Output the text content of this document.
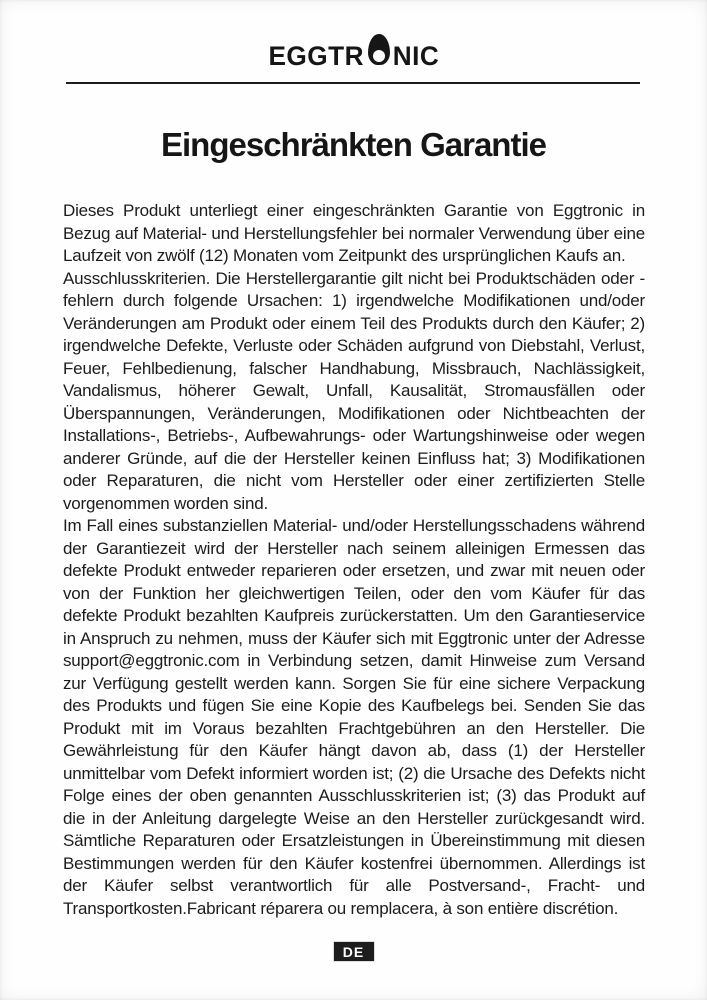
EGGTR NIC
Eingeschränkten Garantie

Dieses Produkt unterliegt einer eingeschränkten Garantie von Eggtronic in Bezug auf Material- und Herstellungsfehler bei normaler Verwendung über eine Laufzeit von zwölf (12) Monaten vom Zeitpunkt des ursprünglichen Kaufs an.

Ausschlusskriterien. Die Herstellergarantie gilt nicht bei Produktschäden oder -fehlern durch folgende Ursachen: 1) irgendwelche Modifikationen und/oder Veränderungen am Produkt oder einem Teil des Produkts durch den Käufer; 2) irgendwelche Defekte, Verluste oder Schäden aufgrund von Diebstahl, Verlust, Feuer, Fehlbedienung, falscher Handhabung, Missbrauch, Nachlässigkeit, Vandalismus, höherer Gewalt, Unfall, Kausalität, Stromausfällen oder Überspannungen, Veränderungen, Modifikationen oder Nichtbeachten der Installations-, Betriebs-, Aufbewahrungs- oder Wartungshinweise oder wegen anderer Gründe, auf die der Hersteller keinen Einfluss hat; 3) Modifikationen oder Reparaturen, die nicht vom Hersteller oder einer zertifizierten Stelle vorgenommen worden sind.

Im Fall eines substanziellen Material- und/oder Herstellungsschadens während der Garantiezeit wird der Hersteller nach seinem alleinigen Ermessen das defekte Produkt entweder reparieren oder ersetzen, und zwar mit neuen oder von der Funktion her gleichwertigen Teilen, oder den vom Käufer für das defekte Produkt bezahlten Kaufpreis zurückerstatten. Um den Garantieservice in Anspruch zu nehmen, muss der Käufer sich mit Eggtronic unter der Adresse support@eggtronic.com in Verbindung setzen, damit Hinweise zum Versand zur Verfügung gestellt werden kann. Sorgen Sie für eine sichere Verpackung des Produkts und fügen Sie eine Kopie des Kaufbelegs bei. Senden Sie das Produkt mit im Voraus bezahlten Frachtgebühren an den Hersteller. Die Gewährleistung für den Käufer hängt davon ab, dass (1) der Hersteller unmittelbar vom Defekt informiert worden ist; (2) die Ursache des Defekts nicht Folge eines der oben genannten Ausschlusskriterien ist; (3) das Produkt auf die in der Anleitung dargelegte Weise an den Hersteller zurückgesandt wird. Sämtliche Reparaturen oder Ersatzleistungen in Übereinstimmung mit diesen Bestimmungen werden für den Käufer kostenfrei übernommen. Allerdings ist der Käufer selbst verantwortlich für alle Postversand-, Fracht- und Transportkosten.Fabricant réparera ou remplacera, à son entière discrétion.

DE
